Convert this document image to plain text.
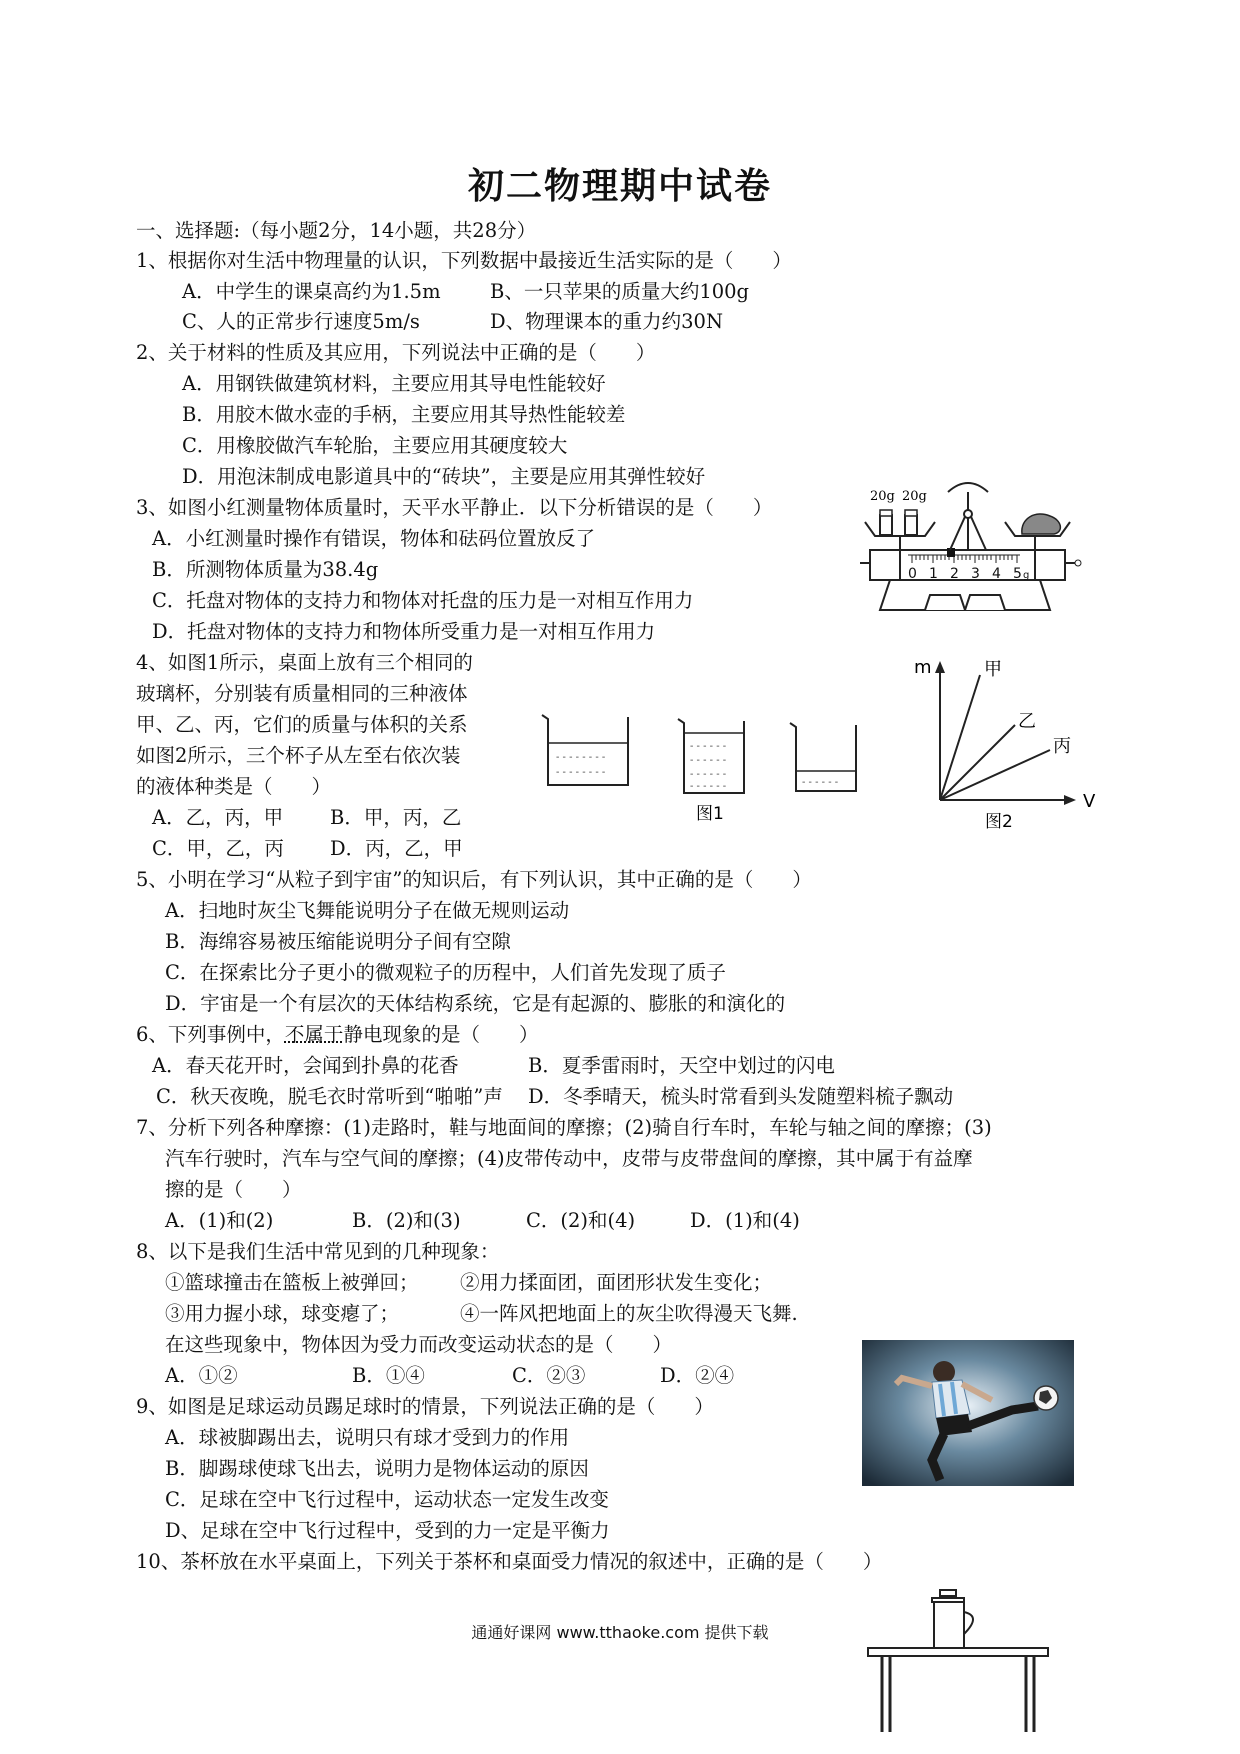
初二物理期中试卷
一、选择题:（每小题2分，14小题，共28分）
1、根据你对生活中物理量的认识，下列数据中最接近生活实际的是（　　）
A．中学生的课桌高约为1.5m	B、一只苹果的质量大约100g
C、人的正常步行速度5m/s	D、物理课本的重力约30N
2、关于材料的性质及其应用，下列说法中正确的是（　　）
A．用钢铁做建筑材料，主要应用其导电性能较好
B．用胶木做水壶的手柄，主要应用其导热性能较差
C．用橡胶做汽车轮胎，主要应用其硬度较大
D．用泡沫制成电影道具中的“砖块”，主要是应用其弹性较好
3、如图小红测量物体质量时，天平水平静止．以下分析错误的是（　　）
A．小红测量时操作有错误，物体和砝码位置放反了
B．所测物体质量为38.4g
C．托盘对物体的支持力和物体对托盘的压力是一对相互作用力
D．托盘对物体的支持力和物体所受重力是一对相互作用力
0 1 2 3 4 5 g
20g 20g
4、如图1所示，桌面上放有三个相同的
玻璃杯，分别装有质量相同的三种液体
甲、乙、丙，它们的质量与体积的关系
如图2所示，三个杯子从左至右依次装
的液体种类是（　　）
A．乙，丙，甲 B．甲，丙，乙
C．甲，乙，丙 D．丙，乙，甲
- - - - - - - -
- - - - - - - -
- - - - - -
- - - - - -
- - - - - -
- - - - - -	- - - - - -
图1
m
V
甲
乙
丙
图2
5、小明在学习“从粒子到宇宙”的知识后，有下列认识，其中正确的是（　　）
A．扫地时灰尘飞舞能说明分子在做无规则运动
B．海绵容易被压缩能说明分子间有空隙
C．在探索比分子更小的微观粒子的历程中，人们首先发现了质子
D．宇宙是一个有层次的天体结构系统，它是有起源的、膨胀的和演化的
6、下列事例中，不属于静电现象的是（　　）
A．春天花开时，会闻到扑鼻的花香	B．夏季雷雨时，天空中划过的闪电
C．秋天夜晚，脱毛衣时常听到“啪啪”声 D．冬季晴天，梳头时常看到头发随塑料梳子飘动
7、分析下列各种摩擦：(1)走路时，鞋与地面间的摩擦；(2)骑自行车时，车轮与轴之间的摩擦；(3)
汽车行驶时，汽车与空气间的摩擦；(4)皮带传动中，皮带与皮带盘间的摩擦，其中属于有益摩
擦的是（　　）
A．(1)和(2)	B．(2)和(3)	C．(2)和(4)	D．(1)和(4)
8、以下是我们生活中常见到的几种现象：
①篮球撞击在篮板上被弹回； ②用力揉面团，面团形状发生变化；
③用力握小球，球变瘪了；	④一阵风把地面上的灰尘吹得漫天飞舞.
在这些现象中，物体因为受力而改变运动状态的是（　　）
A．①②	B．①④	C．②③	D．②④
9、如图是足球运动员踢足球时的情景，下列说法正确的是（　　）
A．球被脚踢出去，说明只有球才受到力的作用
B．脚踢球使球飞出去，说明力是物体运动的原因
C．足球在空中飞行过程中，运动状态一定发生改变
D、足球在空中飞行过程中，受到的力一定是平衡力
10、茶杯放在水平桌面上，下列关于茶杯和桌面受力情况的叙述中，正确的是（　　）
通通好课网 www.tthaoke.com 提供下载
